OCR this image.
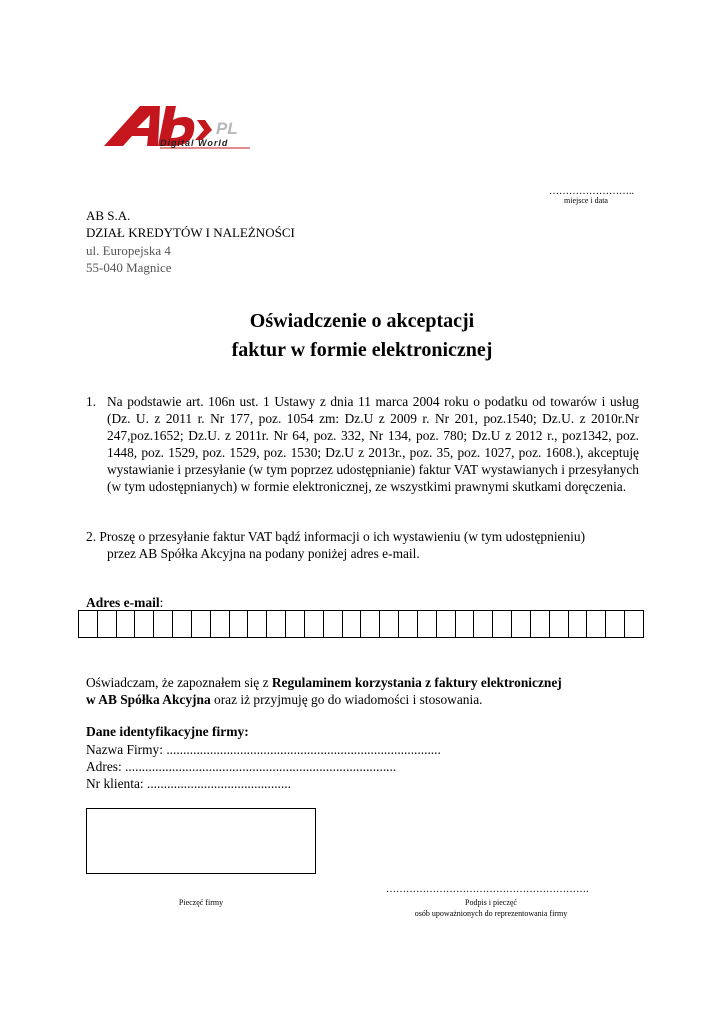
PL
Digital World
……………………..
miejsce i data
AB S.A.
DZIAŁ KREDYTÓW I NALEŻNOŚCI
ul. Europejska 4
55-040 Magnice
Oświadczenie o akceptacji
faktur w formie elektronicznej
1. Na podstawie art. 106n ust. 1 Ustawy z dnia 11 marca 2004 roku o podatku od towarów i usług (Dz. U. z 2011 r. Nr 177, poz. 1054 zm: Dz.U z 2009 r. Nr 201, poz.1540; Dz.U. z 2010r.Nr 247,poz.1652; Dz.U. z 2011r. Nr 64, poz. 332, Nr 134, poz. 780; Dz.U z 2012 r., poz1342, poz. 1448, poz. 1529, poz. 1529, poz. 1530; Dz.U z 2013r., poz. 35, poz. 1027, poz. 1608.), akceptuję wystawianie i przesyłanie (w tym poprzez udostępnianie) faktur VAT wystawianych i przesyłanych (w tym udostępnianych) w formie elektronicznej, ze wszystkimi prawnymi skutkami doręczenia.
2. Proszę o przesyłanie faktur VAT bądź informacji o ich wystawieniu (w tym udostępnieniu)
przez AB Spółka Akcyjna na podany poniżej adres e-mail.
Adres e-mail:
Oświadczam, że zapoznałem się z Regulaminem korzystania z faktury elektronicznej
w AB Spółka Akcyjna oraz iż przyjmuję go do wiadomości i stosowania.
Dane identyfikacyjne firmy:
Nazwa Firmy: ..................................................................................
Adres: .................................................................................
Nr klienta: ...........................................
Pieczęć firmy
…………………………………………………….
Podpis i pieczęć
osób upoważnionych do reprezentowania firmy
